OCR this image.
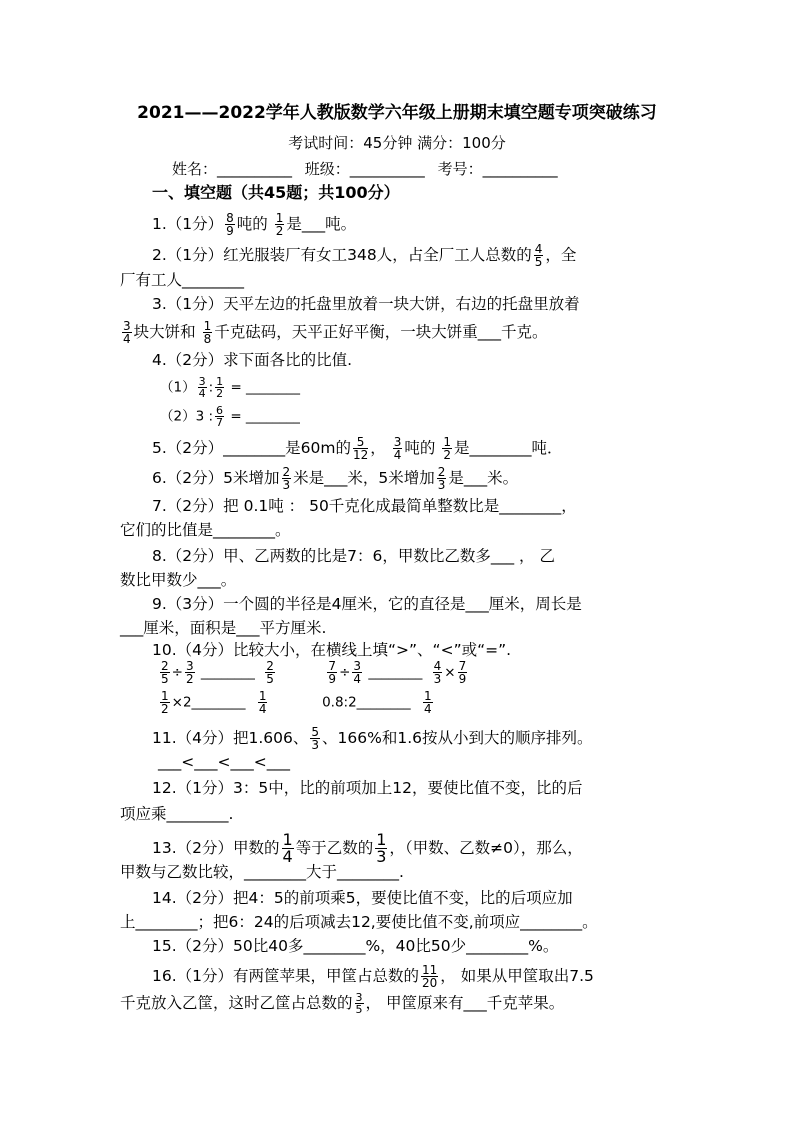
2021——2022学年人教版数学六年级上册期末填空题专项突破练习
考试时间：45分钟 满分：100分
姓名：__________ 班级：__________ 考号：__________
一、填空题（共45题；共100分）
1.（1分） $\frac{8}{9}$ 吨的 $\frac{1}{2}$ 是___吨。
2.（1分）红光服装厂有女工348人，占全厂工人总数的 $\frac{4}{5}$ ，全
厂有工人________
3.（1分）天平左边的托盘里放着一块大饼，右边的托盘里放着
$\frac{3}{4}$ 块大饼和 $\frac{1}{8}$ 千克砝码，天平正好平衡，一块大饼重___千克。
4.（2分）求下面各比的比值.
$(1) \frac{3}{4}$ : $\frac{1}{2}$ = ________
（2）3 : $\frac{6}{7}$ = ________
5.（2分）________是60m的 $\frac{5}{12}$ ， $\frac{3}{4}$ 吨的 $\frac{1}{2}$ 是________吨．
6.（2分）5米增加 $\frac{2}{3}$ 米是___米，5米增加 $\frac{2}{3}$ 是___米。
7.（2分）把 0.1吨 ： 50千克化成最简单整数比是________，
它们的比值是________。
8.（2分）甲、乙两数的比是7：6，甲数比乙数多___ ， 乙
数比甲数少___。
9.（3分）一个圆的半径是4厘米，它的直径是___厘米，周长是
___厘米，面积是___平方厘米.
10.（4分）比较大小，在横线上填“>”、“<”或“=”.
$\frac{2}{5} \div \frac{3}{2}$ ________ $\frac{2}{5}$
	$\frac{7}{9} \div \frac{3}{4}$ ________ $\frac{4}{3} \times \frac{7}{9}$
$\frac{1}{2}$ ×2________ $\frac{1}{4}$	0.8:2________ $\frac{1}{4}$
11.（4分）把1.606、 $\frac{5}{3}$ 、166%和1.6按从小到大的顺序排列。
___<___<___<___
12.（1分）3：5中，比的前项加上12，要使比值不变，比的后
项应乘________.
13.（2分）甲数的 $\frac{1}{4}$ 等于乙数的 $\frac{1}{3}$ ，（甲数、乙数≠0），那么，
甲数与乙数比较，________大于________.
14.（2分）把4：5的前项乘5，要使比值不变，比的后项应加
上________；把6：24的后项减去12,要使比值不变,前项应________。
15.（2分）50比40多________%，40比50少________%。
16.（1分）有两筐苹果，甲筐占总数的 $\frac{11}{20}$ ， 如果从甲筐取出7.5
千克放入乙筐，这时乙筐占总数的 $\frac{3}{5}$ ， 甲筐原来有___千克苹果。
